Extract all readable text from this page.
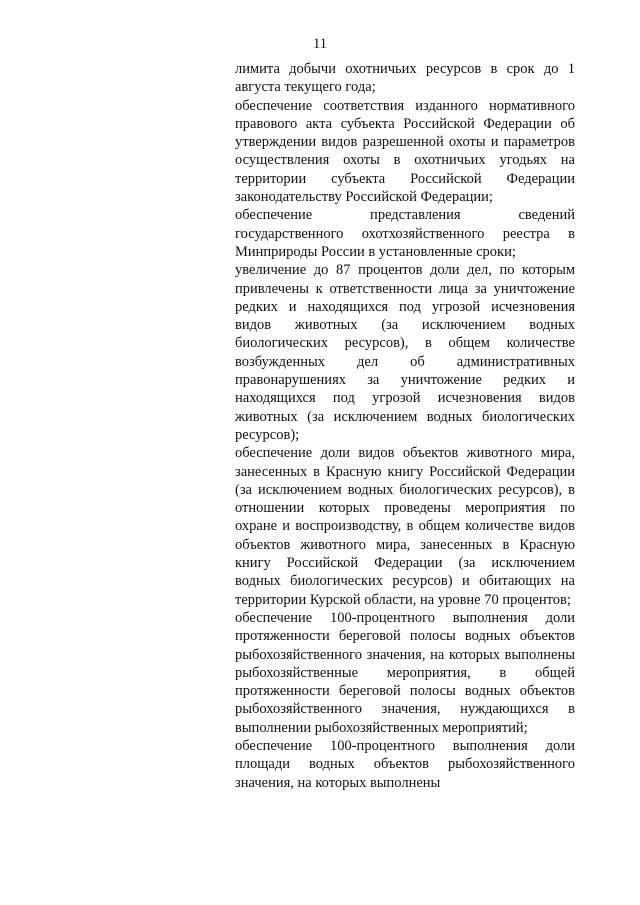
11

лимита добычи охотничьих ресурсов в срок до 1 августа текущего года;

обеспечение соответствия изданного нормативного правового акта субъекта Российской Федерации об утверждении видов разрешенной охоты и параметров осуществления охоты в охотничьих угодьях на территории субъекта Российской Федерации законодательству Российской Федерации;

обеспечение представления сведений государственного охотхозяйственного реестра в Минприроды России в установленные сроки;

увеличение до 87 процентов доли дел, по которым привлечены к ответственности лица за уничтожение редких и находящихся под угрозой исчезновения видов животных (за исключением водных биологических ресурсов), в общем количестве возбужденных дел об административных правонарушениях за уничтожение редких и находящихся под угрозой исчезновения видов животных (за исключением водных биологических ресурсов);

обеспечение доли видов объектов животного мира, занесенных в Красную книгу Российской Федерации (за исключением водных биологических ресурсов), в отношении которых проведены мероприятия по охране и воспроизводству, в общем количестве видов объектов животного мира, занесенных в Красную книгу Российской Федерации (за исключением водных биологических ресурсов) и обитающих на территории Курской области, на уровне 70 процентов;

обеспечение 100-процентного выполнения доли протяженности береговой полосы водных объектов рыбохозяйственного значения, на которых выполнены рыбохозяйственные мероприятия, в общей протяженности береговой полосы водных объектов рыбохозяйственного значения, нуждающихся в выполнении рыбохозяйственных мероприятий;

обеспечение 100-процентного выполнения доли площади водных объектов рыбохозяйственного значения, на которых выполнены
